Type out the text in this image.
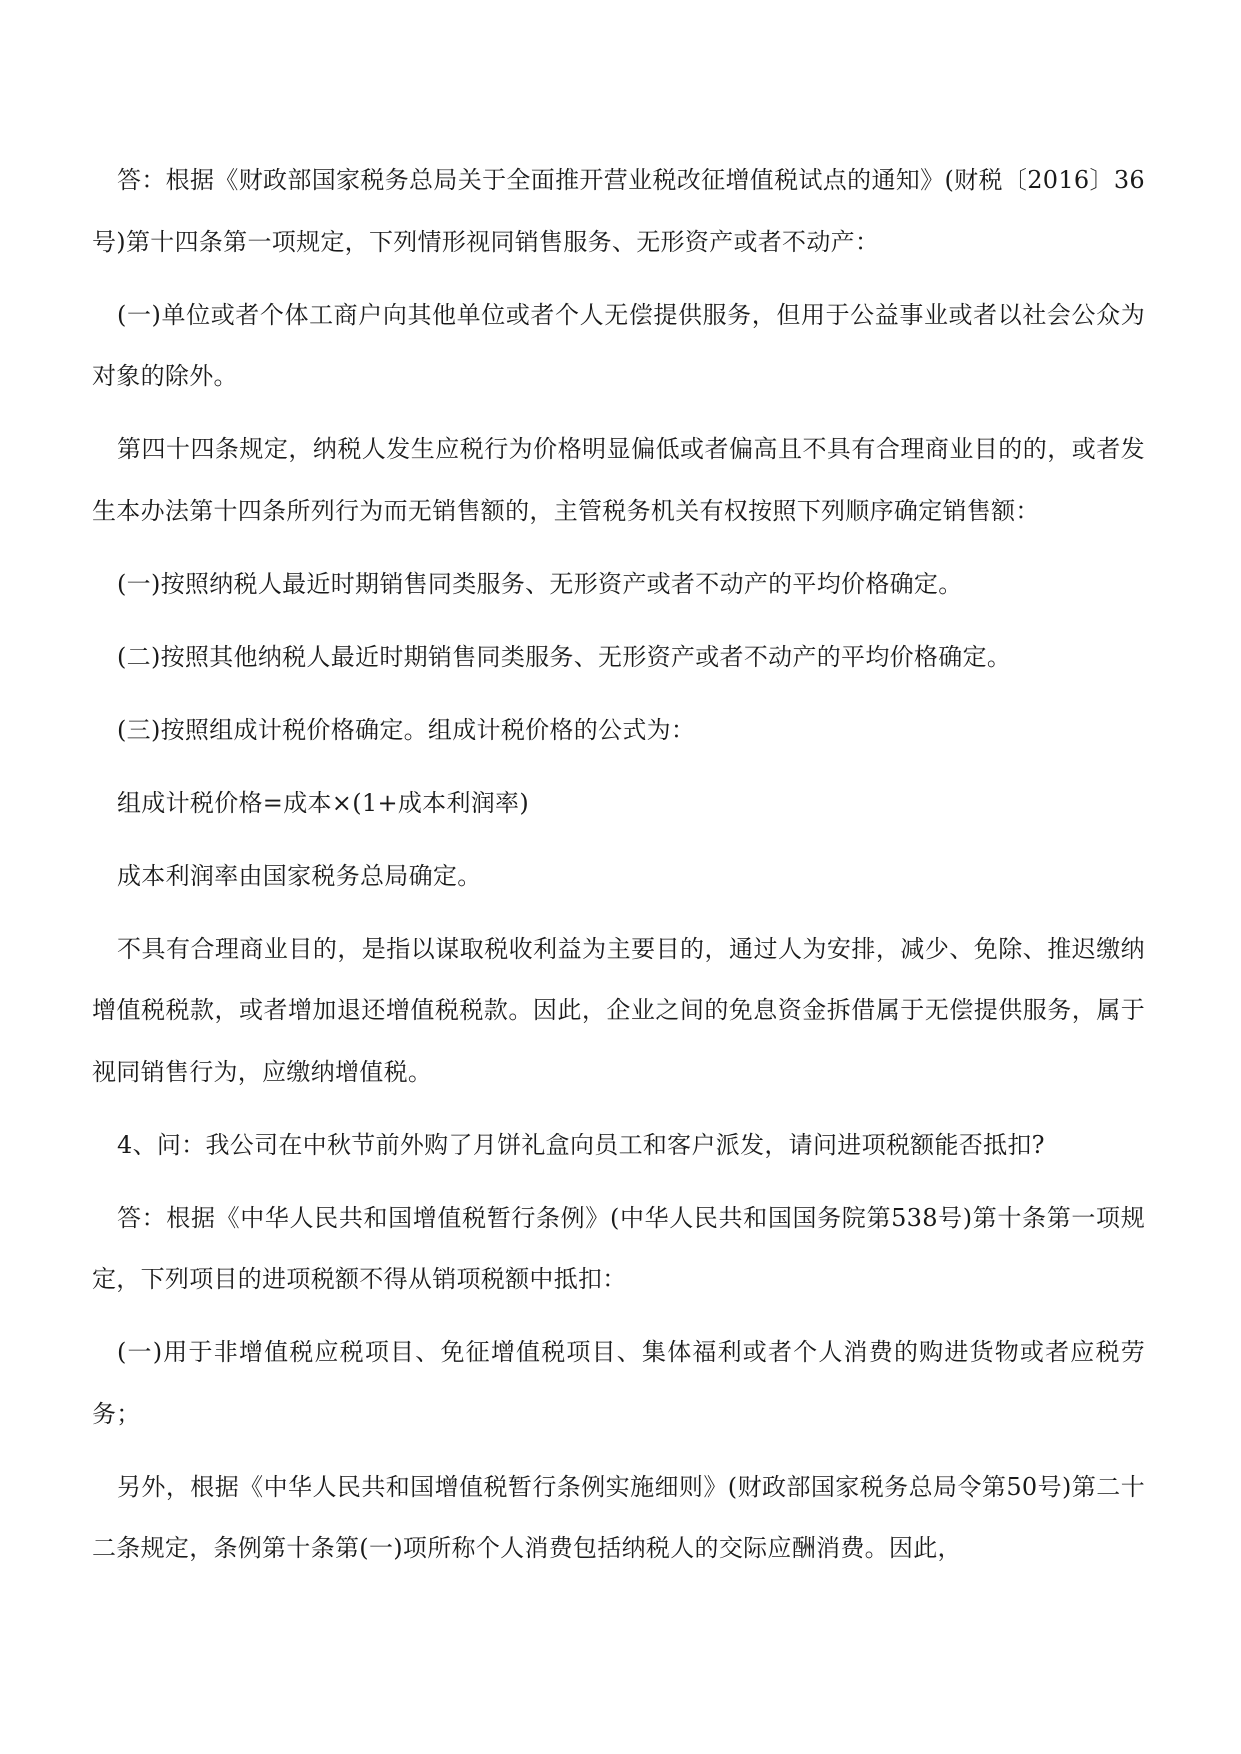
答：根据《财政部国家税务总局关于全面推开营业税改征增值税试点的通知》(财税〔2016〕36号)第十四条第一项规定，下列情形视同销售服务、无形资产或者不动产：

(一)单位或者个体工商户向其他单位或者个人无偿提供服务，但用于公益事业或者以社会公众为对象的除外。

第四十四条规定，纳税人发生应税行为价格明显偏低或者偏高且不具有合理商业目的的，或者发生本办法第十四条所列行为而无销售额的，主管税务机关有权按照下列顺序确定销售额：

(一)按照纳税人最近时期销售同类服务、无形资产或者不动产的平均价格确定。

(二)按照其他纳税人最近时期销售同类服务、无形资产或者不动产的平均价格确定。

(三)按照组成计税价格确定。组成计税价格的公式为：

组成计税价格=成本×(1+成本利润率)

成本利润率由国家税务总局确定。

不具有合理商业目的，是指以谋取税收利益为主要目的，通过人为安排，减少、免除、推迟缴纳增值税税款，或者增加退还增值税税款。因此，企业之间的免息资金拆借属于无偿提供服务，属于视同销售行为，应缴纳增值税。

4、问：我公司在中秋节前外购了月饼礼盒向员工和客户派发，请问进项税额能否抵扣?

答：根据《中华人民共和国增值税暂行条例》(中华人民共和国国务院第538号)第十条第一项规定，下列项目的进项税额不得从销项税额中抵扣：

(一)用于非增值税应税项目、免征增值税项目、集体福利或者个人消费的购进货物或者应税劳务；

另外，根据《中华人民共和国增值税暂行条例实施细则》(财政部国家税务总局令第50号)第二十二条规定，条例第十条第(一)项所称个人消费包括纳税人的交际应酬消费。因此，
